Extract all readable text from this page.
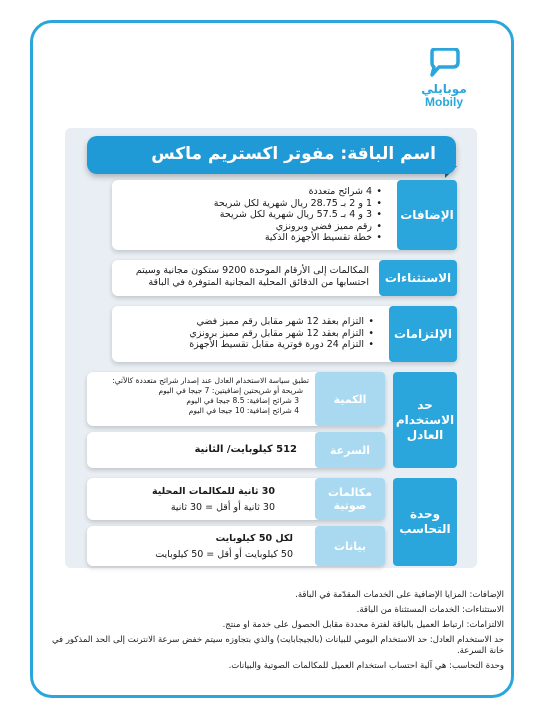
موبايلي
Mobily
اسم الباقة: مفوتر اكستريم ماكس
الإضافات
• 4 شرائح متعددة
• 1 و 2 بـ 28.75 ريال شهرية لكل شريحة
• 3 و 4 بـ 57.5 ريال شهرية لكل شريحة
• رقم مميز فضي وبرونزي
• خطة تقسيط الأجهزة الذكية
الاستثناءات
المكالمات إلى الأرقام الموحدة 9200 ستكون مجانية وسيتم احتسابها من الدقائق المحلية المجانية المتوفرة في الباقة
الإلتزامات
• التزام بعقد 12 شهر مقابل رقم مميز فضي
• التزام بعقد 12 شهر مقابل رقم مميز برونزي
• التزام 24 دورة فوترية مقابل تقسيط الأجهزة
حد الاستخدام العادل
الكمية
تطبق سياسة الاستخدام العادل عند إصدار شرائح متعددة كالآتي:
شريحة أو شريحتين إضافيتين: 7 جيجا في اليوم
3 شرائح إضافية: 8.5 جيجا في اليوم
4 شرائح إضافية: 10 جيجا في اليوم
السرعة
512 كيلوبايت/ الثانية
وحدة التحاسب
مكالمات صوتية
30 ثانية للمكالمات المحلية
30 ثانية أو أقل = 30 ثانية
بيانات
لكل 50 كيلوبايت
50 كيلوبايت أو أقل = 50 كيلوبايت

الإضافات: المزايا الإضافية على الخدمات المقدّمة في الباقة.

الاستثناءات: الخدمات المستثناة من الباقة.

الالتزامات: ارتباط العميل بالباقة لفترة محددة مقابل الحصول على خدمة او منتج.

حد الاستخدام العادل: حد الاستخدام اليومي للبيانات (بالجيجابايت) والذي بتجاوزه سيتم خفض سرعة الانترنت إلى الحد المذكور في خانة السرعة.

وحدة التحاسب: هي آلية احتساب استخدام العميل للمكالمات الصوتية والبيانات.
